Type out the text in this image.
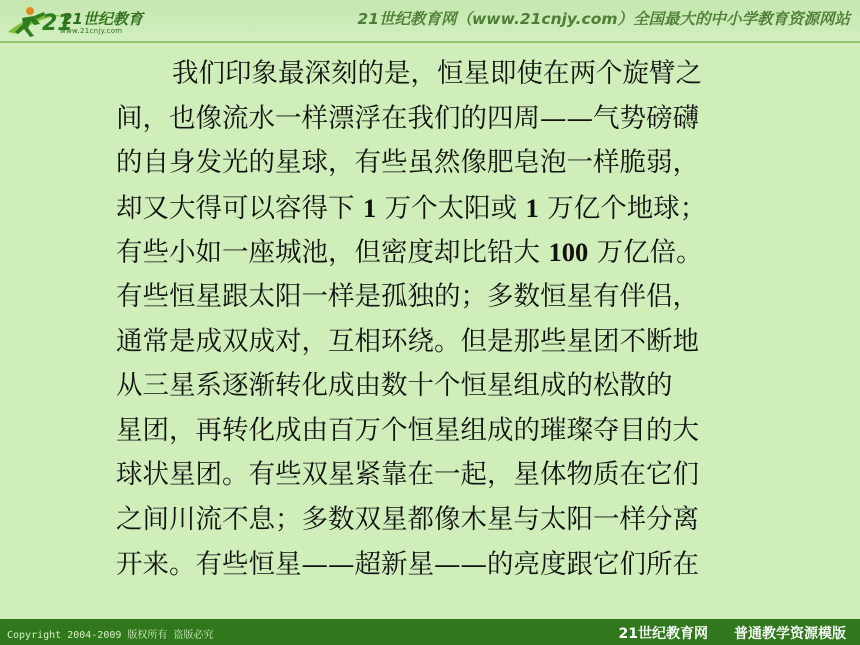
21
21世纪教育
www.21cnjy.com
21世纪教育网（www.21cnjy.com）全国最大的中小学教育资源网站
我们印象最深刻的是，恒星即使在两个旋臂之
间，也像流水一样漂浮在我们的四周——气势磅礴
的自身发光的星球，有些虽然像肥皂泡一样脆弱，
却又大得可以容得下 1 万个太阳或 1 万亿个地球；
有些小如一座城池，但密度却比铅大 100 万亿倍。
有些恒星跟太阳一样是孤独的；多数恒星有伴侣，
通常是成双成对，互相环绕。但是那些星团不断地
从三星系逐渐转化成由数十个恒星组成的松散的
星团，再转化成由百万个恒星组成的璀璨夺目的大
球状星团。有些双星紧靠在一起，星体物质在它们
之间川流不息；多数双星都像木星与太阳一样分离
开来。有些恒星——超新星——的亮度跟它们所在
Copyright 2004-2009 版权所有 盗版必究	21世纪教育网 普通教学资源模版
